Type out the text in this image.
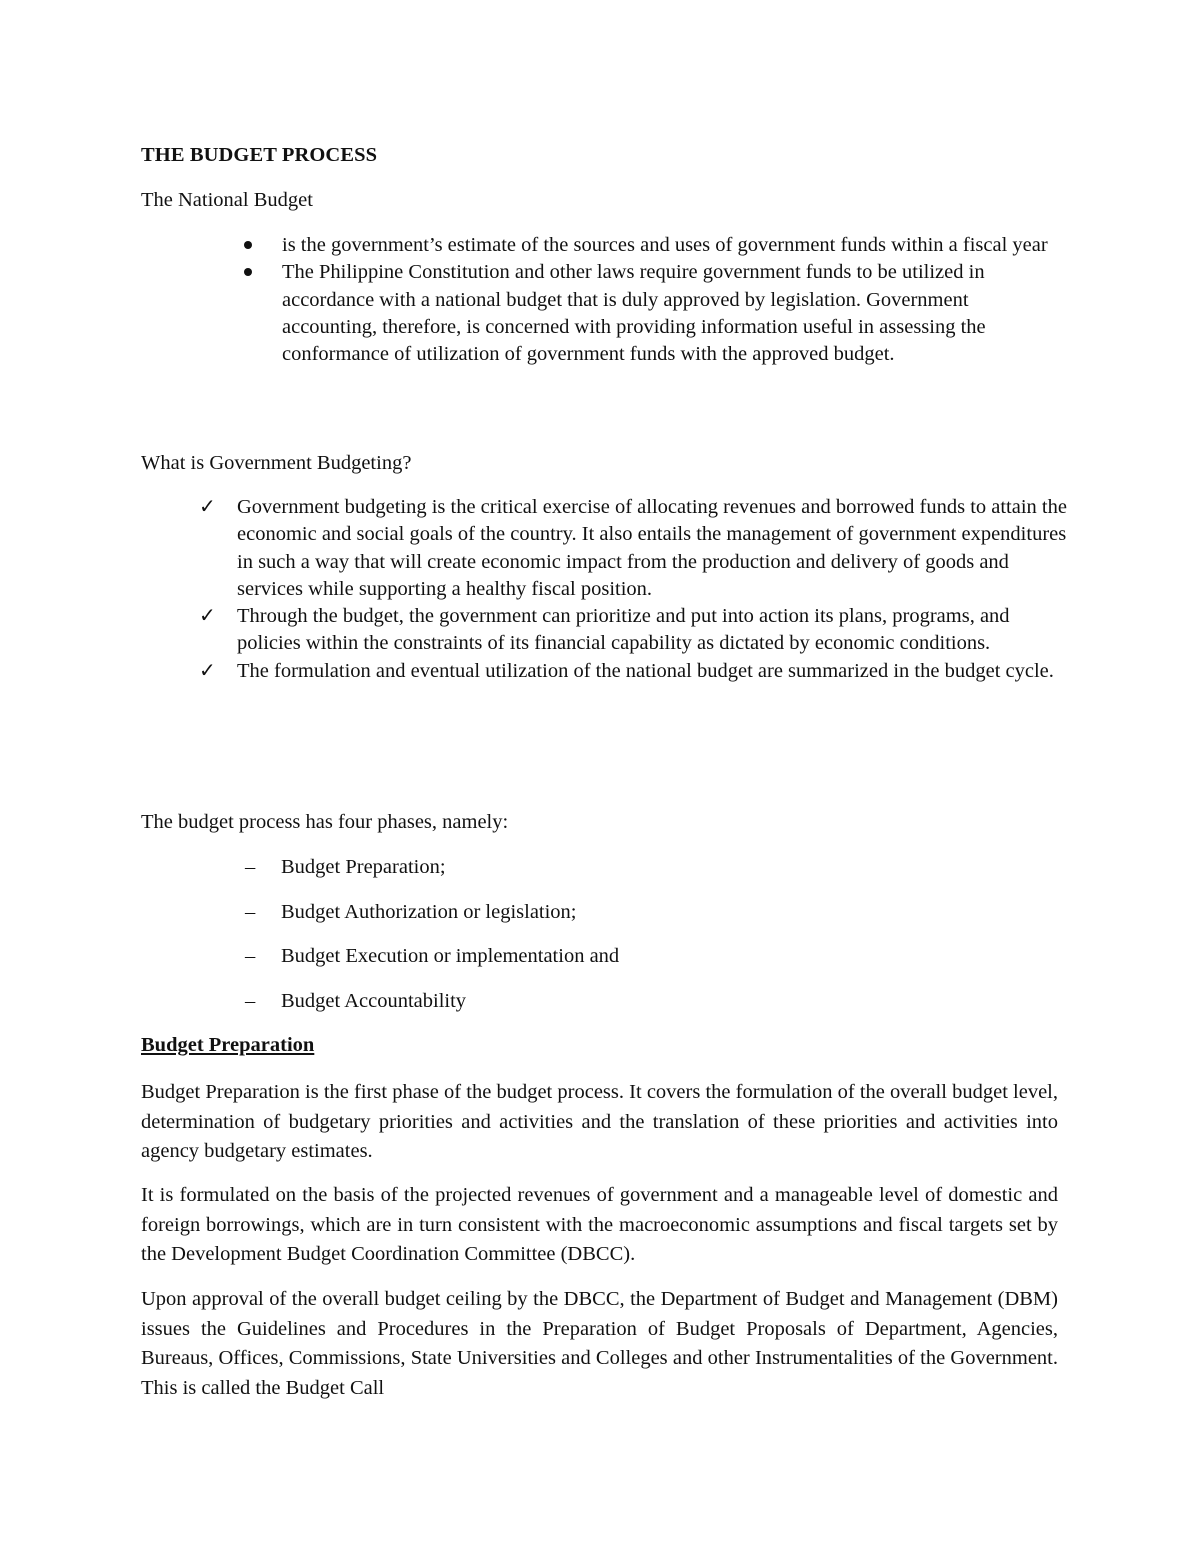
THE BUDGET PROCESS
The National Budget
is the government’s estimate of the sources and uses of government funds within a fiscal year
The Philippine Constitution and other laws require government funds to be utilized in accordance with a national budget that is duly approved by legislation. Government accounting, therefore, is concerned with providing information useful in assessing the conformance of utilization of government funds with the approved budget.
What is Government Budgeting?
✓ Government budgeting is the critical exercise of allocating revenues and borrowed funds to attain the economic and social goals of the country. It also entails the management of government expenditures in such a way that will create economic impact from the production and delivery of goods and services while supporting a healthy fiscal position.
✓ Through the budget, the government can prioritize and put into action its plans, programs, and policies within the constraints of its financial capability as dictated by economic conditions.
✓ The formulation and eventual utilization of the national budget are summarized in the budget cycle.
The budget process has four phases, namely:
– Budget Preparation;
– Budget Authorization or legislation;
– Budget Execution or implementation and
– Budget Accountability
Budget Preparation
Budget Preparation is the first phase of the budget process. It covers the formulation of the overall budget level, determination of budgetary priorities and activities and the translation of these priorities and activities into agency budgetary estimates.
It is formulated on the basis of the projected revenues of government and a manageable level of domestic and foreign borrowings, which are in turn consistent with the macroeconomic assumptions and fiscal targets set by the Development Budget Coordination Committee (DBCC).
Upon approval of the overall budget ceiling by the DBCC, the Department of Budget and Management (DBM) issues the Guidelines and Procedures in the Preparation of Budget Proposals of Department, Agencies, Bureaus, Offices, Commissions, State Universities and Colleges and other Instrumentalities of the Government. This is called the Budget Call
